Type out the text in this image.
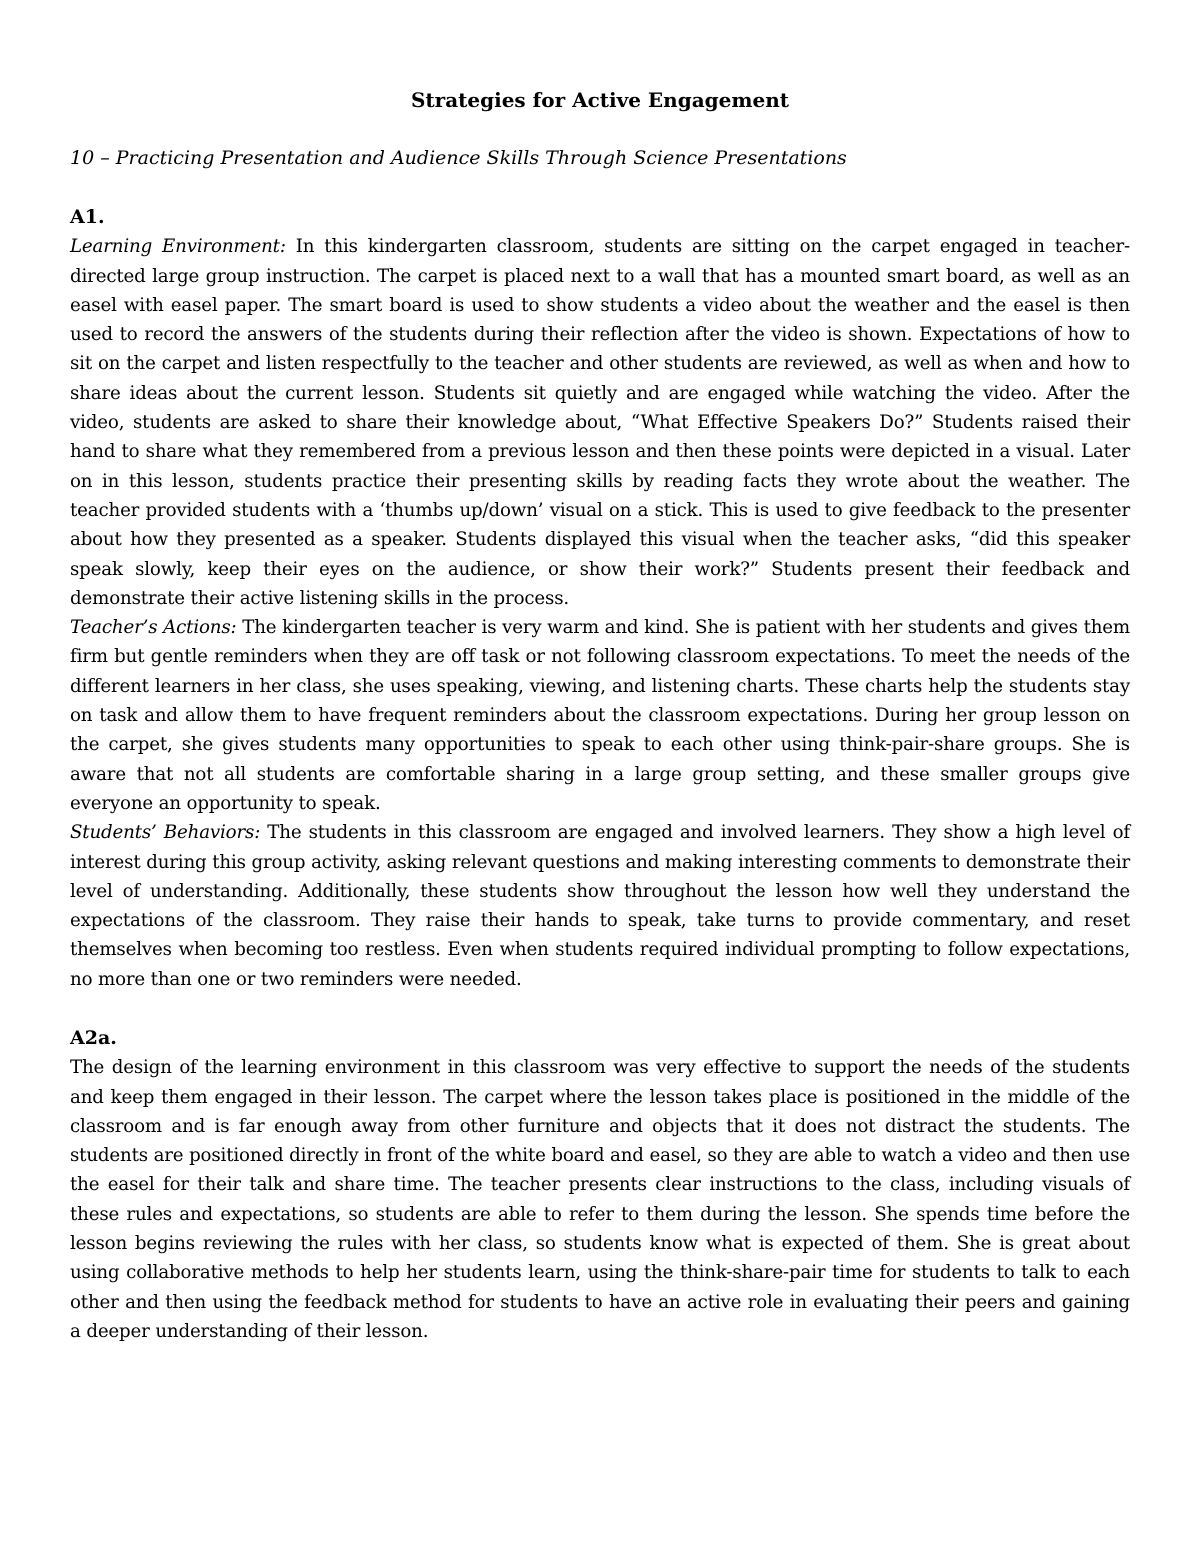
Strategies for Active Engagement

10 – Practicing Presentation and Audience Skills Through Science Presentations

A1.

Learning Environment: In this kindergarten classroom, students are sitting on the carpet engaged in teacher-directed large group instruction. The carpet is placed next to a wall that has a mounted smart board, as well as an easel with easel paper. The smart board is used to show students a video about the weather and the easel is then used to record the answers of the students during their reflection after the video is shown. Expectations of how to sit on the carpet and listen respectfully to the teacher and other students are reviewed, as well as when and how to share ideas about the current lesson. Students sit quietly and are engaged while watching the video. After the video, students are asked to share their knowledge about, “What Effective Speakers Do?” Students raised their hand to share what they remembered from a previous lesson and then these points were depicted in a visual. Later on in this lesson, students practice their presenting skills by reading facts they wrote about the weather. The teacher provided students with a ‘thumbs up/down’ visual on a stick. This is used to give feedback to the presenter about how they presented as a speaker. Students displayed this visual when the teacher asks, “did this speaker speak slowly, keep their eyes on the audience, or show their work?” Students present their feedback and demonstrate their active listening skills in the process.

Teacher’s Actions: The kindergarten teacher is very warm and kind. She is patient with her students and gives them firm but gentle reminders when they are off task or not following classroom expectations. To meet the needs of the different learners in her class, she uses speaking, viewing, and listening charts. These charts help the students stay on task and allow them to have frequent reminders about the classroom expectations. During her group lesson on the carpet, she gives students many opportunities to speak to each other using think-pair-share groups. She is aware that not all students are comfortable sharing in a large group setting, and these smaller groups give everyone an opportunity to speak.

Students’ Behaviors: The students in this classroom are engaged and involved learners. They show a high level of interest during this group activity, asking relevant questions and making interesting comments to demonstrate their level of understanding. Additionally, these students show throughout the lesson how well they understand the expectations of the classroom. They raise their hands to speak, take turns to provide commentary, and reset themselves when becoming too restless. Even when students required individual prompting to follow expectations, no more than one or two reminders were needed.

A2a.

The design of the learning environment in this classroom was very effective to support the needs of the students and keep them engaged in their lesson. The carpet where the lesson takes place is positioned in the middle of the classroom and is far enough away from other furniture and objects that it does not distract the students. The students are positioned directly in front of the white board and easel, so they are able to watch a video and then use the easel for their talk and share time. The teacher presents clear instructions to the class, including visuals of these rules and expectations, so students are able to refer to them during the lesson. She spends time before the lesson begins reviewing the rules with her class, so students know what is expected of them. She is great about using collaborative methods to help her students learn, using the think-share-pair time for students to talk to each other and then using the feedback method for students to have an active role in evaluating their peers and gaining a deeper understanding of their lesson.
